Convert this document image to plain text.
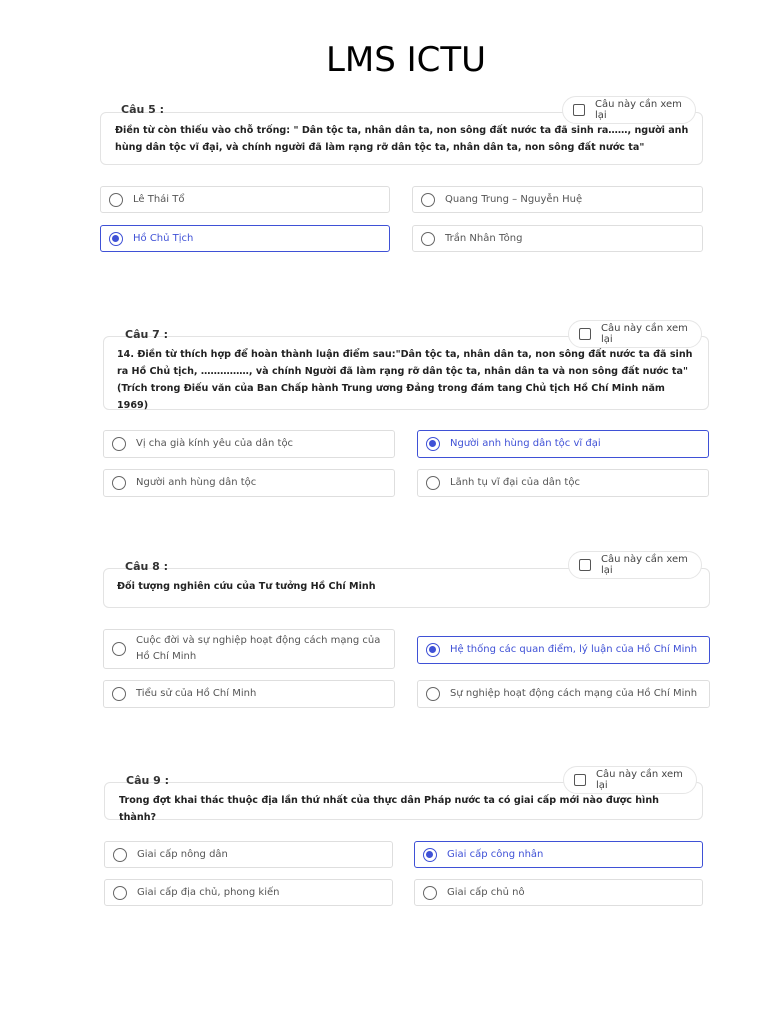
LMS ICTU
Câu 5 :	Câu này cần xem lại
Điền từ còn thiếu vào chỗ trống: " Dân tộc ta, nhân dân ta, non sông đất nước ta đã sinh ra……, người anh hùng dân tộc vĩ đại, và chính người đã làm rạng rỡ dân tộc ta, nhân dân ta, non sông đất nước ta"
Lê Thái Tổ	Quang Trung – Nguyễn Huệ
Hồ Chủ Tịch	Trần Nhân Tông
Câu 7 :	Câu này cần xem lại
14. Điền từ thích hợp để hoàn thành luận điểm sau:"Dân tộc ta, nhân dân ta, non sông đất nước ta đã sinh ra Hồ Chủ tịch, ……………, và chính Người đã làm rạng rỡ dân tộc ta, nhân dân ta và non sông đất nước ta" (Trích trong Điếu văn của Ban Chấp hành Trung ương Đảng trong đám tang Chủ tịch Hồ Chí Minh năm 1969)
Vị cha già kính yêu của dân tộc	Người anh hùng dân tộc vĩ đại
Người anh hùng dân tộc	Lãnh tụ vĩ đại của dân tộc
Câu 8 :
Câu này cần xem lại
Đối tượng nghiên cứu của Tư tưởng Hồ Chí Minh
Cuộc đời và sự nghiệp hoạt động cách mạng của Hồ Chí Minh
Hệ thống các quan điểm, lý luận của Hồ Chí Minh
Tiểu sử của Hồ Chí Minh	Sự nghiệp hoạt động cách mạng của Hồ Chí Minh
Câu 9 :	Câu này cần xem lại
Trong đợt khai thác thuộc địa lần thứ nhất của thực dân Pháp nước ta có giai cấp mới nào được hình thành?
Giai cấp nông dân	Giai cấp công nhân
Giai cấp địa chủ, phong kiến	Giai cấp chủ nô
